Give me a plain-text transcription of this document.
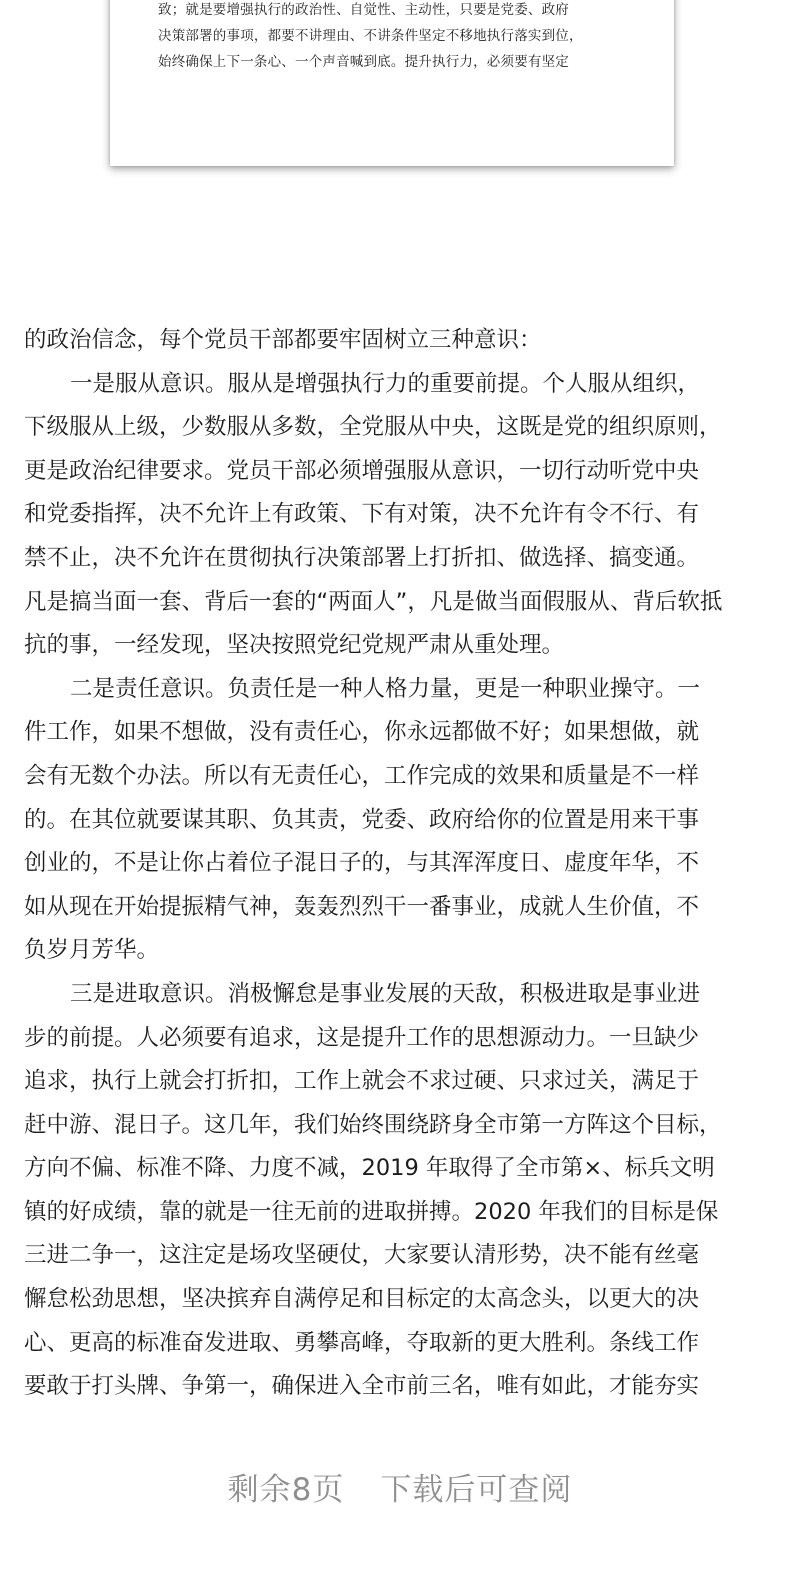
致；就是要增强执行的政治性、自觉性、主动性，只要是党委、政府
决策部署的事项，都要不讲理由、不讲条件坚定不移地执行落实到位，
始终确保上下一条心、一个声音喊到底。提升执行力，必须要有坚定
的政治信念，每个党员干部都要牢固树立三种意识：
一是服从意识。服从是增强执行力的重要前提。个人服从组织，
下级服从上级，少数服从多数，全党服从中央，这既是党的组织原则，
更是政治纪律要求。党员干部必须增强服从意识，一切行动听党中央
和党委指挥，决不允许上有政策、下有对策，决不允许有令不行、有
禁不止，决不允许在贯彻执行决策部署上打折扣、做选择、搞变通。
凡是搞当面一套、背后一套的“两面人”，凡是做当面假服从、背后软抵
抗的事，一经发现，坚决按照党纪党规严肃从重处理。
二是责任意识。负责任是一种人格力量，更是一种职业操守。一
件工作，如果不想做，没有责任心，你永远都做不好；如果想做，就
会有无数个办法。所以有无责任心，工作完成的效果和质量是不一样
的。在其位就要谋其职、负其责，党委、政府给你的位置是用来干事
创业的，不是让你占着位子混日子的，与其浑浑度日、虚度年华，不
如从现在开始提振精气神，轰轰烈烈干一番事业，成就人生价值，不
负岁月芳华。
三是进取意识。消极懈怠是事业发展的天敌，积极进取是事业进
步的前提。人必须要有追求，这是提升工作的思想源动力。一旦缺少
追求，执行上就会打折扣，工作上就会不求过硬、只求过关，满足于
赶中游、混日子。这几年，我们始终围绕跻身全市第一方阵这个目标，
方向不偏、标准不降、力度不减，2019 年取得了全市第×、标兵文明
镇的好成绩，靠的就是一往无前的进取拼搏。2020 年我们的目标是保
三进二争一，这注定是场攻坚硬仗，大家要认清形势，决不能有丝毫
懈怠松劲思想，坚决摈弃自满停足和目标定的太高念头，以更大的决
心、更高的标准奋发进取、勇攀高峰，夺取新的更大胜利。条线工作
要敢于打头牌、争第一，确保进入全市前三名，唯有如此，才能夯实
剩余8页 下载后可查阅
